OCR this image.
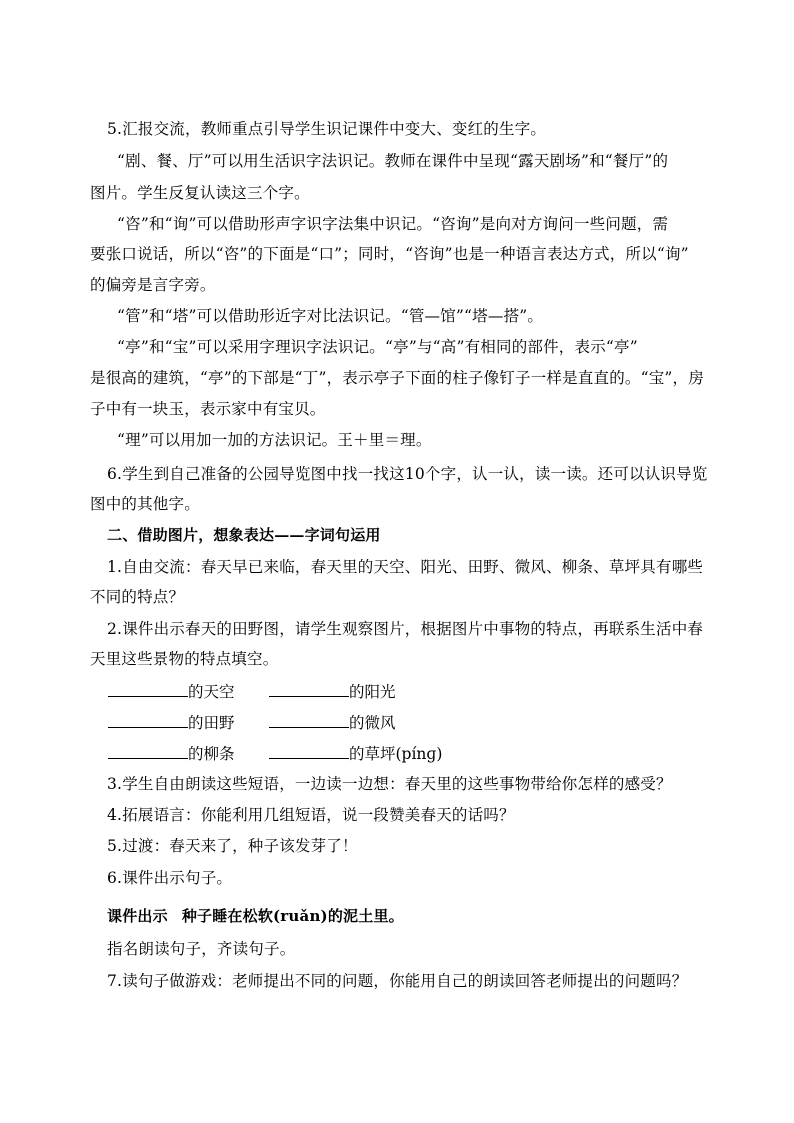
5.汇报交流，教师重点引导学生识记课件中变大、变红的生字。
“剧、餐、厅”可以用生活识字法识记。教师在课件中呈现“露天剧场”和“餐厅”的
图片。学生反复认读这三个字。
“咨”和“询”可以借助形声字识字法集中识记。“咨询”是向对方询问一些问题，需
要张口说话，所以“咨”的下面是“口”；同时，“咨询”也是一种语言表达方式，所以“询”
的偏旁是言字旁。
“管”和“塔”可以借助形近字对比法识记。“管—馆”“塔—搭”。
“亭”和“宝”可以采用字理识字法识记。“亭”与“高”有相同的部件，表示“亭”
是很高的建筑，“亭”的下部是“丁”，表示亭子下面的柱子像钉子一样是直直的。“宝”，房
子中有一块玉，表示家中有宝贝。
“理”可以用加一加的方法识记。王＋里＝理。
6.学生到自己准备的公园导览图中找一找这10个字，认一认，读一读。还可以认识导览
图中的其他字。
二、借助图片，想象表达——字词句运用
1.自由交流：春天早已来临，春天里的天空、阳光、田野、微风、柳条、草坪具有哪些
不同的特点？
2.课件出示春天的田野图，请学生观察图片，根据图片中事物的特点，再联系生活中春
天里这些景物的特点填空。
的天空	的阳光
的田野	的微风
的柳条	的草坪(pínɡ)
3.学生自由朗读这些短语，一边读一边想：春天里的这些事物带给你怎样的感受？
4.拓展语言：你能利用几组短语，说一段赞美春天的话吗？
5.过渡：春天来了，种子该发芽了！
6.课件出示句子。
课件出示 种子睡在松软(ruǎn)的泥土里。
指名朗读句子，齐读句子。
7.读句子做游戏：老师提出不同的问题，你能用自己的朗读回答老师提出的问题吗？
